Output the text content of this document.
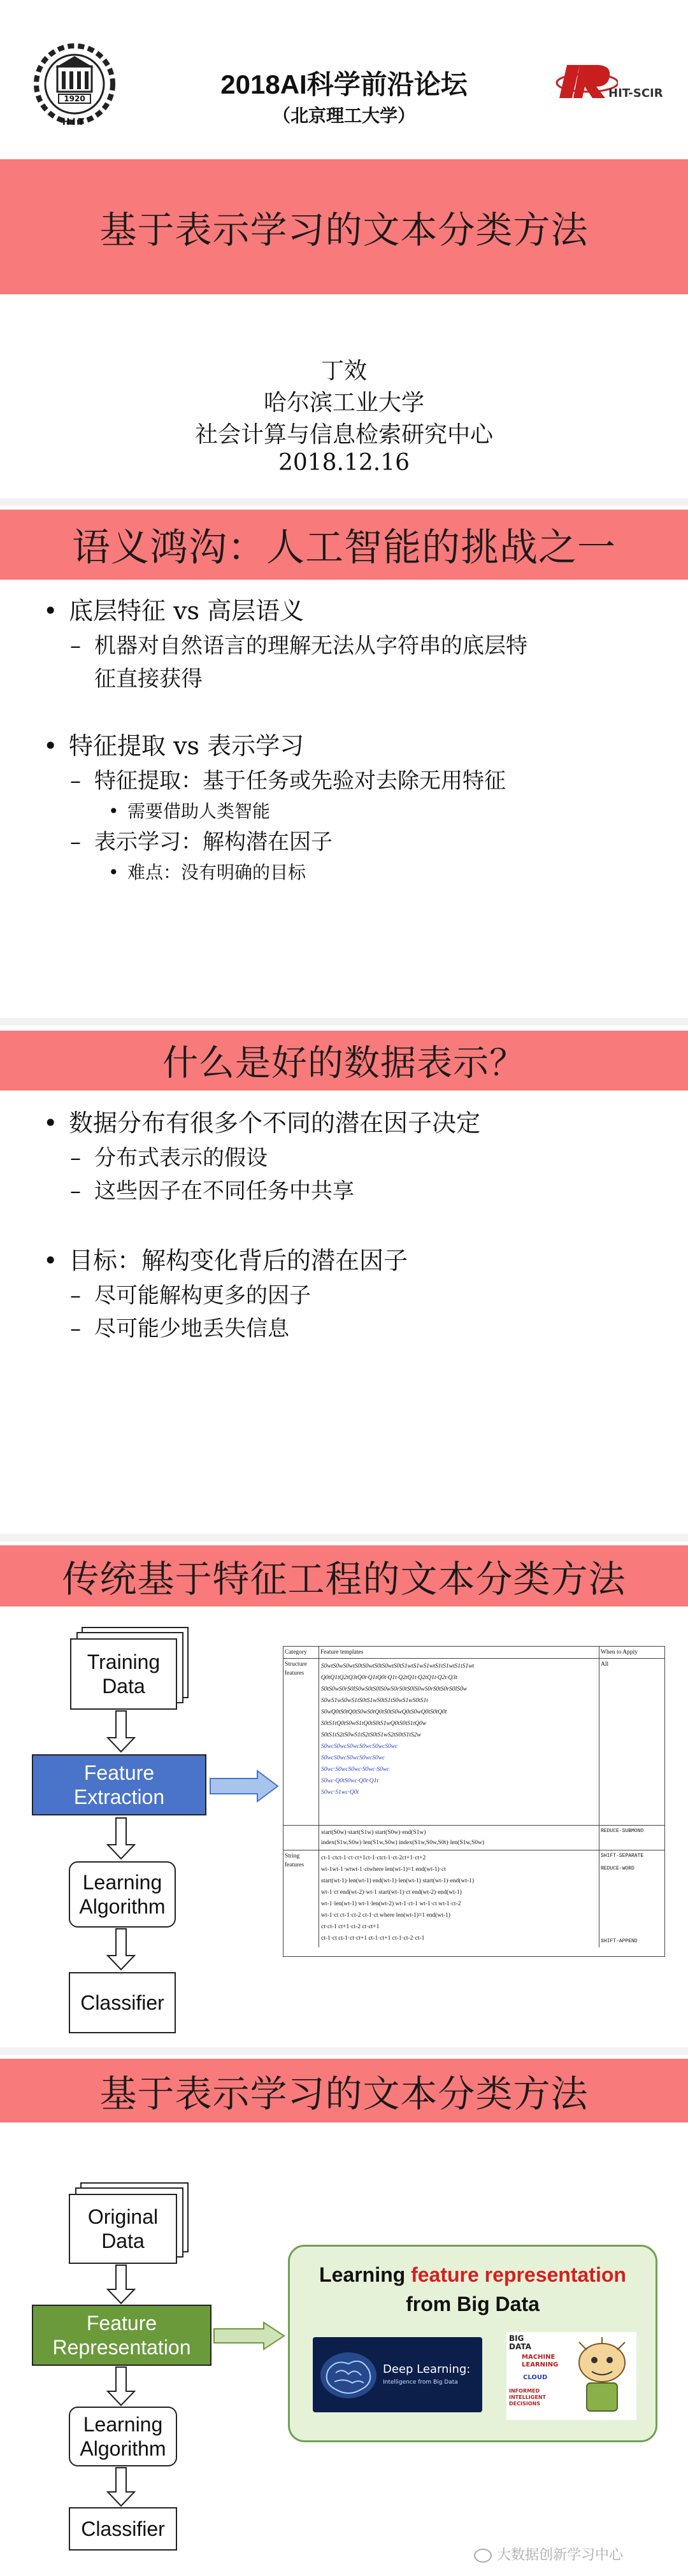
1920
HIT
2018AI科学前沿论坛
（北京理工大学）
HIT-SCIR
基于表示学习的文本分类方法
丁效
哈尔滨工业大学
社会计算与信息检索研究中心
2018.12.16
语义鸿沟：人工智能的挑战之一
• 底层特征 vs 高层语义
– 机器对自然语言的理解无法从字符串的底层特
征直接获得
• 特征提取 vs 表示学习
– 特征提取：基于任务或先验对去除无用特征
• 需要借助人类智能
– 表示学习：解构潜在因子
• 难点：没有明确的目标
什么是好的数据表示？
• 数据分布有很多个不同的潜在因子决定
– 分布式表示的假设
– 这些因子在不同任务中共享
• 目标：解构变化背后的潜在因子
– 尽可能解构更多的因子
– 尽可能少地丢失信息
传统基于特征工程的文本分类方法
Training
Data
Feature
Extraction
Learning
Algorithm
Classifier
Category	Feature templates	When to Apply
Structure
features
S0wtS0wS0wtS0tS0wtS0tS0wtS0tS1wtS1wS1wtS1tS1wtS1tS1wt
Q0tQ1tQ2tQ3tQ0t·Q1tQ0t·Q1t·Q2tQ1t·Q2tQ1t·Q2t·Q3t
S0tS0wS0rS0lS0wS0tS0lS0wS0rS0tS0lS0wS0rS0tS0rS0lS0w
S0wS1wS0wS1tS0tS1wS0tS1tS0wS1wS0tS1t
S0wQ0tS0tQ0tS0wS0tQ0tS0tS0wQ0tS0wQ0tS0tQ0t
S0tS1tQ0tS0wS1tQ0tS0tS1wQ0tS0tS1tQ0w
S0tS1tS2tS0wS1tS2tS0tS1wS2tS0tS1tS2w
S0wcS0wcS0wcS0wcS0wcS0wc
S0wcS0wcS0wcS0wcS0wc
S0wc·S0wcS0wc·S0wc·S0wc
S0wc·Q0tS0wc·Q0t·Q1t
S0wc·S1wc·Q0t
All
start(S0w)·start(S1w) start(S0w)·end(S1w)
index(S1w,S0w)·len(S1w,S0w) index(S1w,S0w,S0t)·len(S1w,S0w)
REDUCE-SUBMONO
String
features
ct-1·ctct-1·ct·ct+1ct-1·ctct-1·ct-2ct+1·ct+2
wt-1wt-1·wtwt-1·ctwhere len(wt-1)=1 end(wt-1)·ct
start(wt-1)·len(wt-1) end(wt-1)·len(wt-1) start(wt-1)·end(wt-1)
wt-1·ct end(wt-2)·wt-1 start(wt-1)·ct end(wt-2)·end(wt-1)
wt-1·len(wt-1) wt-1·len(wt-2) wt-1·ct-1 wt-1·ct wt-1·ct-2
wt-1·ct ct-1·ct-2 ct-1·ct where len(wt-1)=1 end(wt-1)
ct·ct-1 ct+1·ct-2 ct·ct+1
ct-1·ct ct-1·ct·ct+1 ct-1·ct+1 ct-1·ct-2·ct-1
SHIFT-SEPARATE
REDUCE-WORD
SHIFT-APPEND
基于表示学习的文本分类方法
Original
Data
Feature
Representation
Learning
Algorithm
Classifier
Learning feature representation
from Big Data
Deep Learning:
Intelligence from Big Data
BIG
DATA
MACHINE
LEARNING
CLOUD
INFORMED
INTELLIGENT
DECISIONS
大数据创新学习中心
